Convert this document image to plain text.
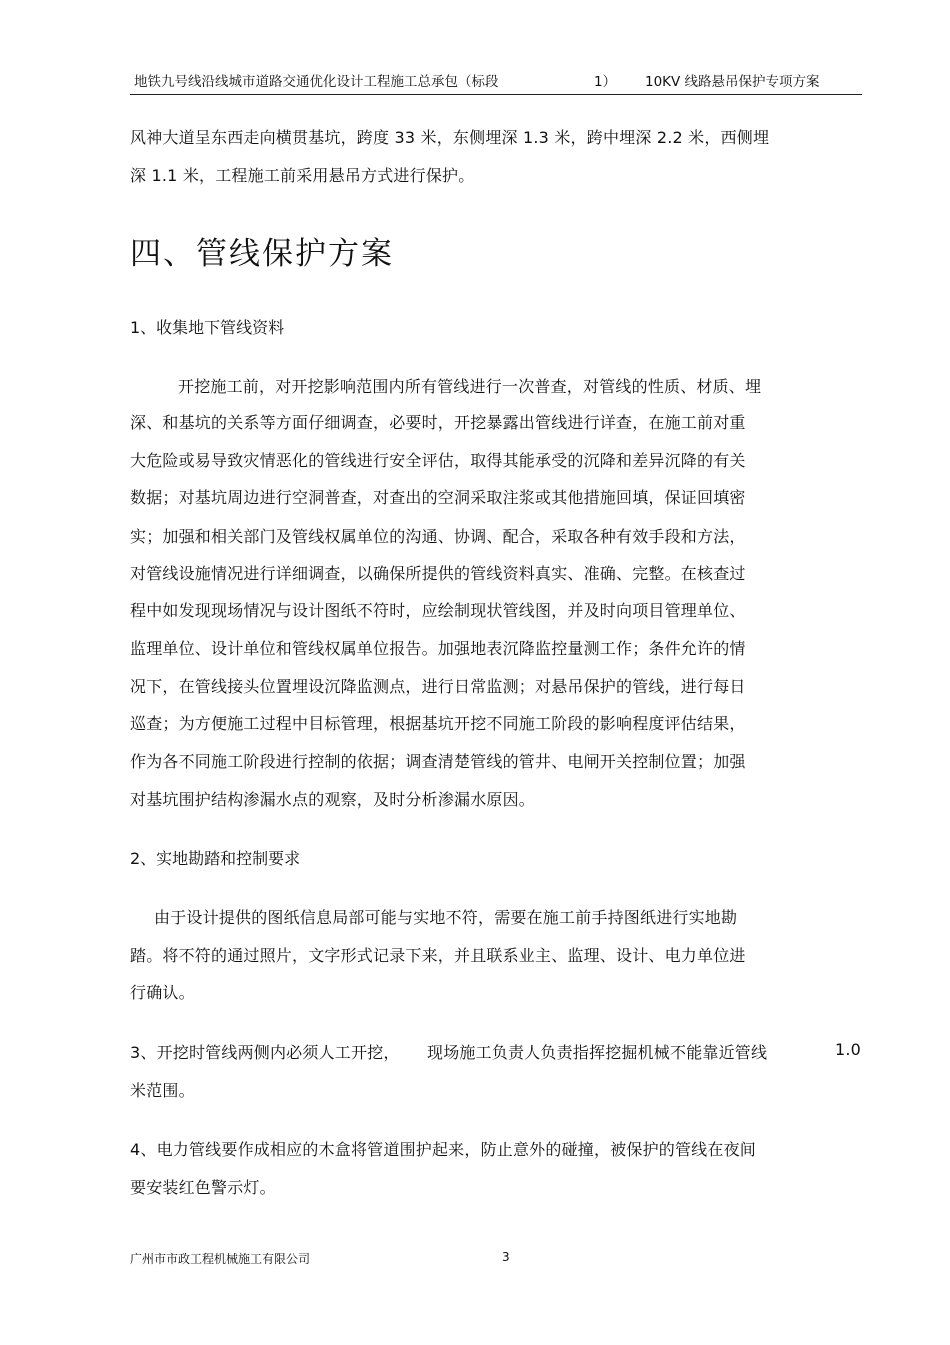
地铁九号线沿线城市道路交通优化设计工程施工总承包（标段	1） 10KV 线路悬吊保护专项方案
风神大道呈东西走向横贯基坑，跨度 33 米，东侧埋深 1.3 米，跨中埋深 2.2 米，西侧埋
深 1.1 米，工程施工前采用悬吊方式进行保护。
四、管线保护方案
1、收集地下管线资料
开挖施工前，对开挖影响范围内所有管线进行一次普查，对管线的性质、材质、埋
深、和基坑的关系等方面仔细调查，必要时，开挖暴露出管线进行详查，在施工前对重
大危险或易导致灾情恶化的管线进行安全评估，取得其能承受的沉降和差异沉降的有关
数据；对基坑周边进行空洞普查，对查出的空洞采取注浆或其他措施回填，保证回填密
实；加强和相关部门及管线权属单位的沟通、协调、配合，采取各种有效手段和方法，
对管线设施情况进行详细调查，以确保所提供的管线资料真实、准确、完整。在核查过
程中如发现现场情况与设计图纸不符时，应绘制现状管线图，并及时向项目管理单位、
监理单位、设计单位和管线权属单位报告。加强地表沉降监控量测工作；条件允许的情
况下，在管线接头位置埋设沉降监测点，进行日常监测；对悬吊保护的管线，进行每日
巡查；为方便施工过程中目标管理，根据基坑开挖不同施工阶段的影响程度评估结果，
作为各不同施工阶段进行控制的依据；调查清楚管线的管井、电闸开关控制位置；加强
对基坑围护结构渗漏水点的观察，及时分析渗漏水原因。
2、实地勘踏和控制要求
由于设计提供的图纸信息局部可能与实地不符，需要在施工前手持图纸进行实地勘
踏。将不符的通过照片，文字形式记录下来，并且联系业主、监理、设计、电力单位进
行确认。
3、开挖时管线两侧内必须人工开挖， 现场施工负责人负责指挥挖掘机械不能靠近管线	1.0
米范围。
4、电力管线要作成相应的木盒将管道围护起来，防止意外的碰撞，被保护的管线在夜间
要安装红色警示灯。
广州市市政工程机械施工有限公司	3
